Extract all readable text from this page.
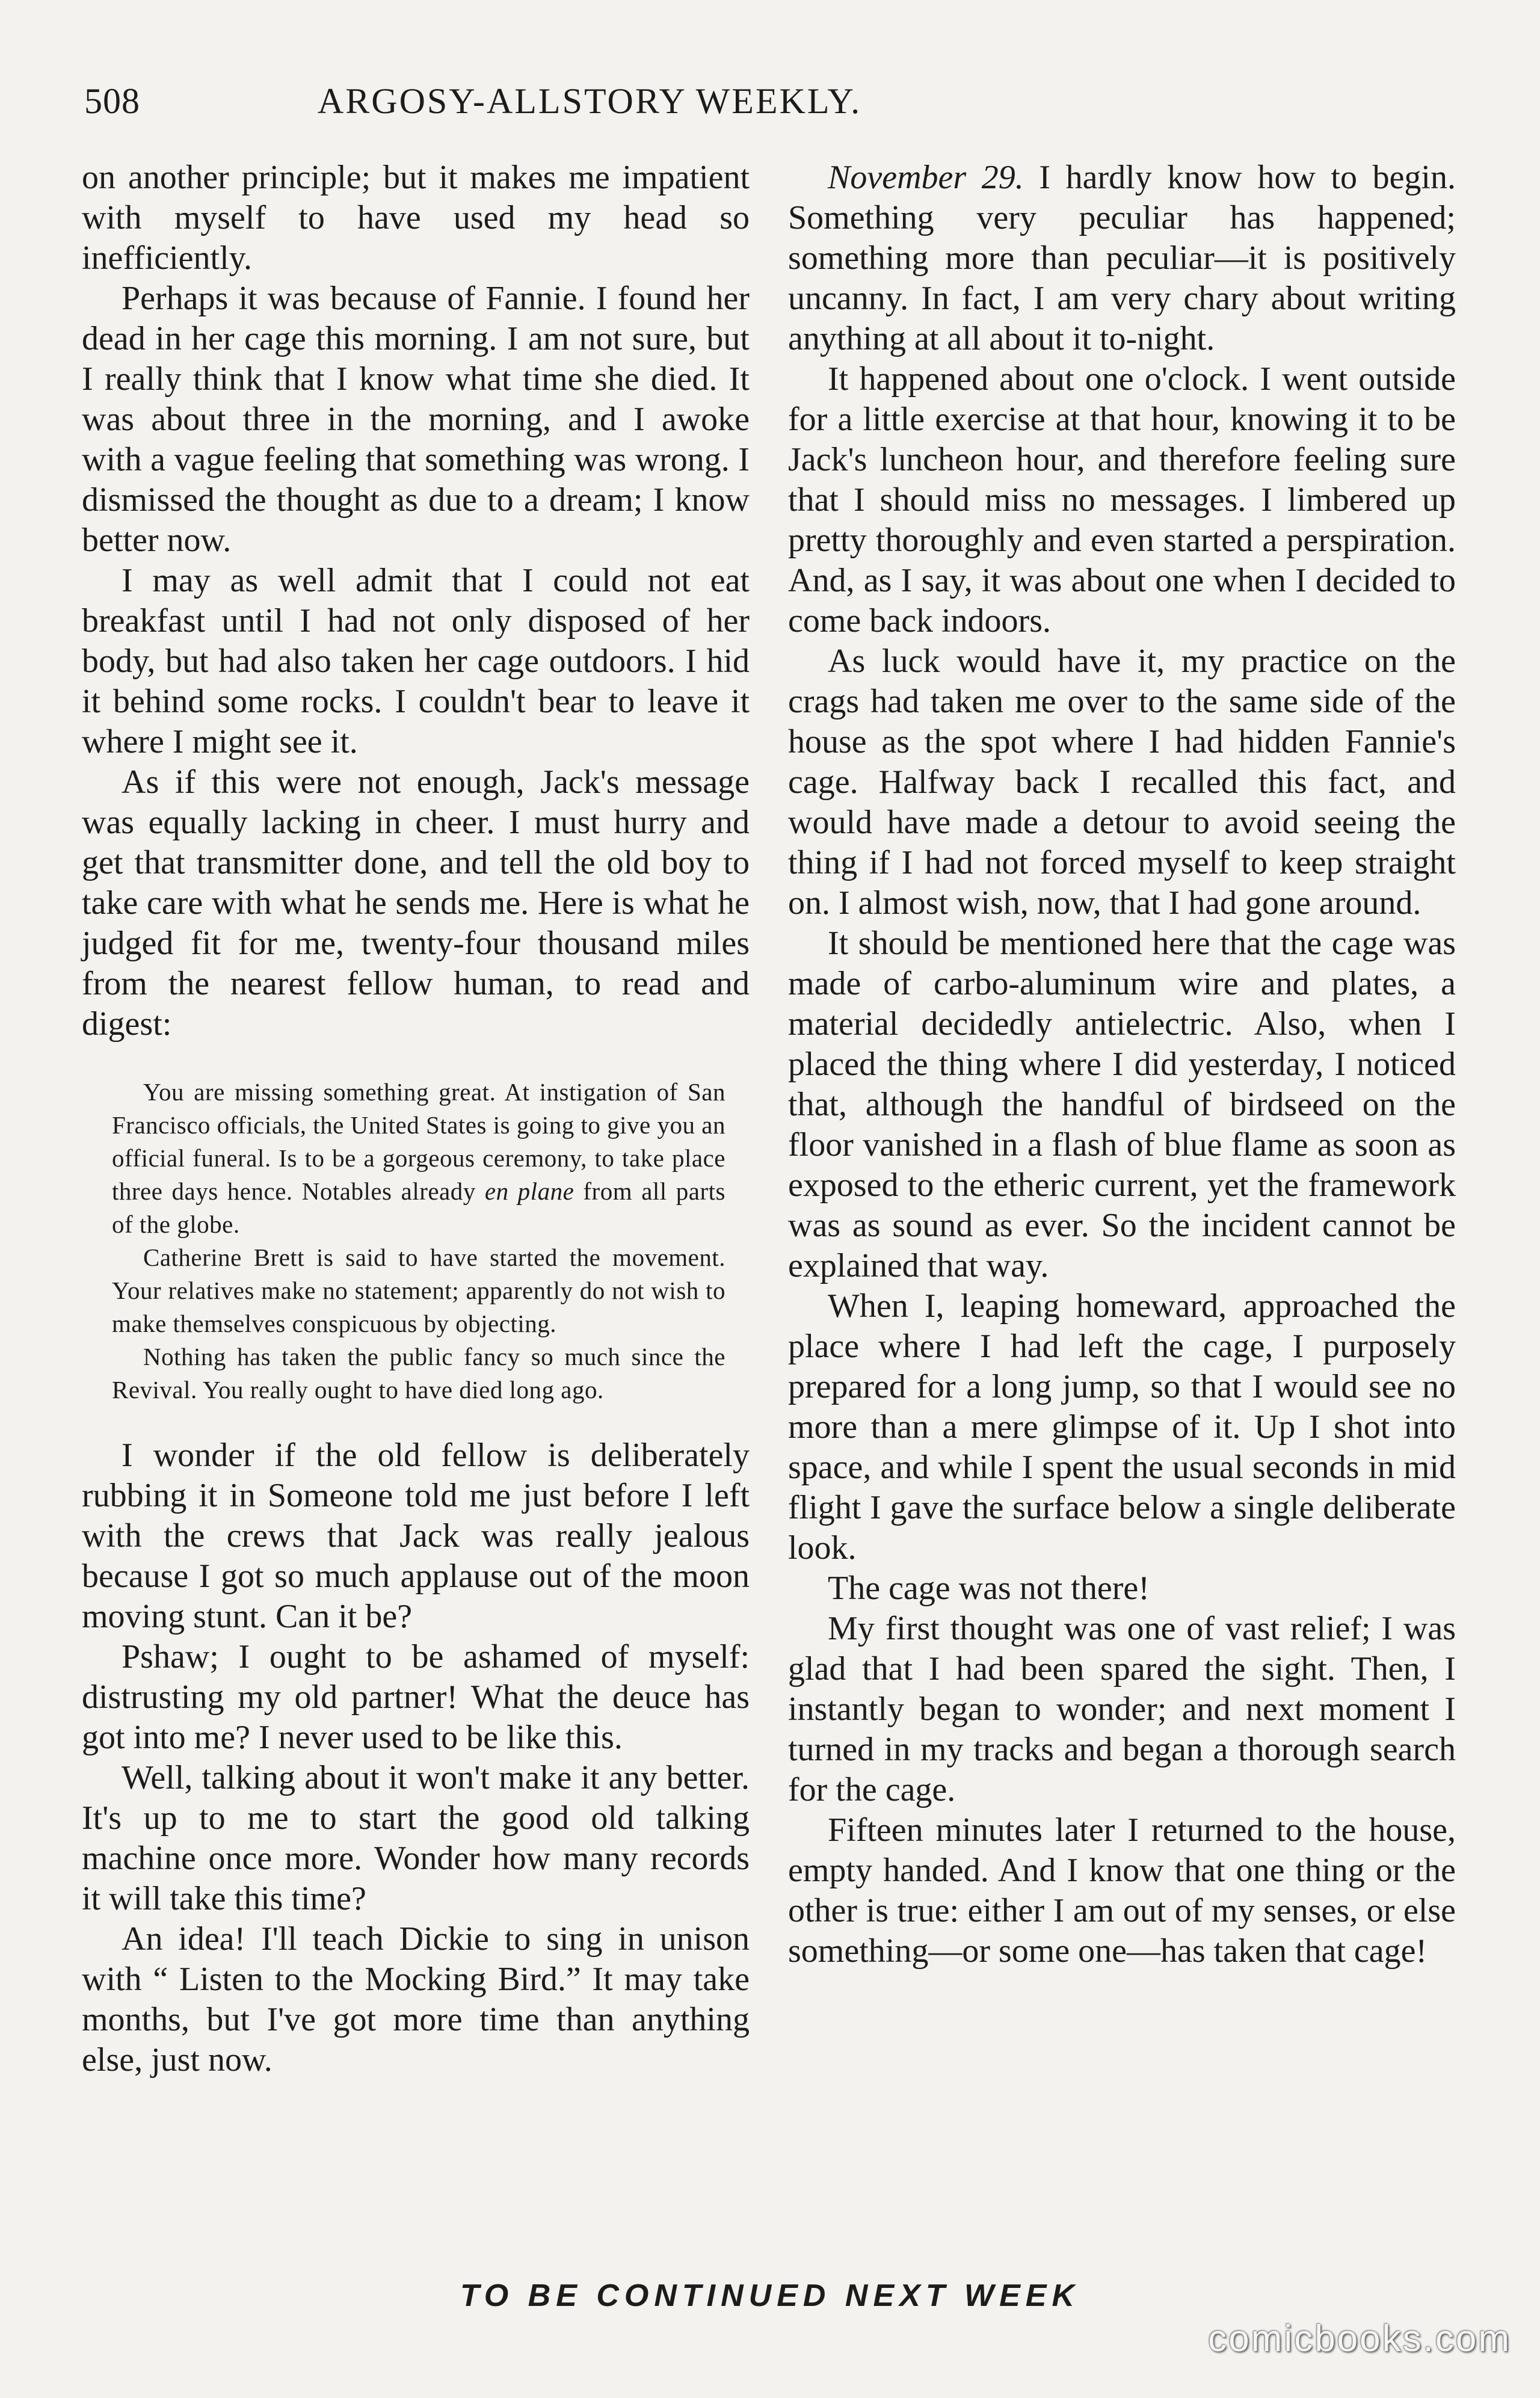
508	ARGOSY-ALLSTORY WEEKLY.

on another principle; but it makes me impatient with myself to have used my head so inefficiently.

Perhaps it was because of Fannie. I found her dead in her cage this morning. I am not sure, but I really think that I know what time she died. It was about three in the morning, and I awoke with a vague feeling that something was wrong. I dismissed the thought as due to a dream; I know better now.

I may as well admit that I could not eat breakfast until I had not only disposed of her body, but had also taken her cage outdoors. I hid it behind some rocks. I couldn't bear to leave it where I might see it.

As if this were not enough, Jack's message was equally lacking in cheer. I must hurry and get that transmitter done, and tell the old boy to take care with what he sends me. Here is what he judged fit for me, twenty-four thousand miles from the nearest fellow human, to read and digest:

You are missing something great. At instigation of San Francisco officials, the United States is going to give you an official funeral. Is to be a gorgeous ceremony, to take place three days hence. Notables already en plane from all parts of the globe.

Catherine Brett is said to have started the movement. Your relatives make no statement; apparently do not wish to make themselves conspicuous by objecting.

Nothing has taken the public fancy so much since the Revival. You really ought to have died long ago.

I wonder if the old fellow is deliberately rubbing it in Someone told me just before I left with the crews that Jack was really jealous because I got so much applause out of the moon moving stunt. Can it be?

Pshaw; I ought to be ashamed of myself: distrusting my old partner! What the deuce has got into me? I never used to be like this.

Well, talking about it won't make it any better. It's up to me to start the good old talking machine once more. Wonder how many records it will take this time?

An idea! I'll teach Dickie to sing in unison with “ Listen to the Mocking Bird.” It may take months, but I've got more time than anything else, just now.

November 29. I hardly know how to begin. Something very peculiar has happened; something more than peculiar—it is positively uncanny. In fact, I am very chary about writing anything at all about it to-night.

It happened about one o'clock. I went outside for a little exercise at that hour, knowing it to be Jack's luncheon hour, and therefore feeling sure that I should miss no messages. I limbered up pretty thoroughly and even started a perspiration. And, as I say, it was about one when I decided to come back indoors.

As luck would have it, my practice on the crags had taken me over to the same side of the house as the spot where I had hidden Fannie's cage. Halfway back I recalled this fact, and would have made a detour to avoid seeing the thing if I had not forced myself to keep straight on. I almost wish, now, that I had gone around.

It should be mentioned here that the cage was made of carbo-aluminum wire and plates, a material decidedly antielectric. Also, when I placed the thing where I did yesterday, I noticed that, although the handful of birdseed on the floor vanished in a flash of blue flame as soon as exposed to the etheric current, yet the framework was as sound as ever. So the incident cannot be explained that way.

When I, leaping homeward, approached the place where I had left the cage, I purposely prepared for a long jump, so that I would see no more than a mere glimpse of it. Up I shot into space, and while I spent the usual seconds in mid flight I gave the surface below a single deliberate look.

The cage was not there!

My first thought was one of vast relief; I was glad that I had been spared the sight. Then, I instantly began to wonder; and next moment I turned in my tracks and began a thorough search for the cage.

Fifteen minutes later I returned to the house, empty handed. And I know that one thing or the other is true: either I am out of my senses, or else something—or some one—has taken that cage!

TO BE CONTINUED NEXT WEEK
comicbooks.com
